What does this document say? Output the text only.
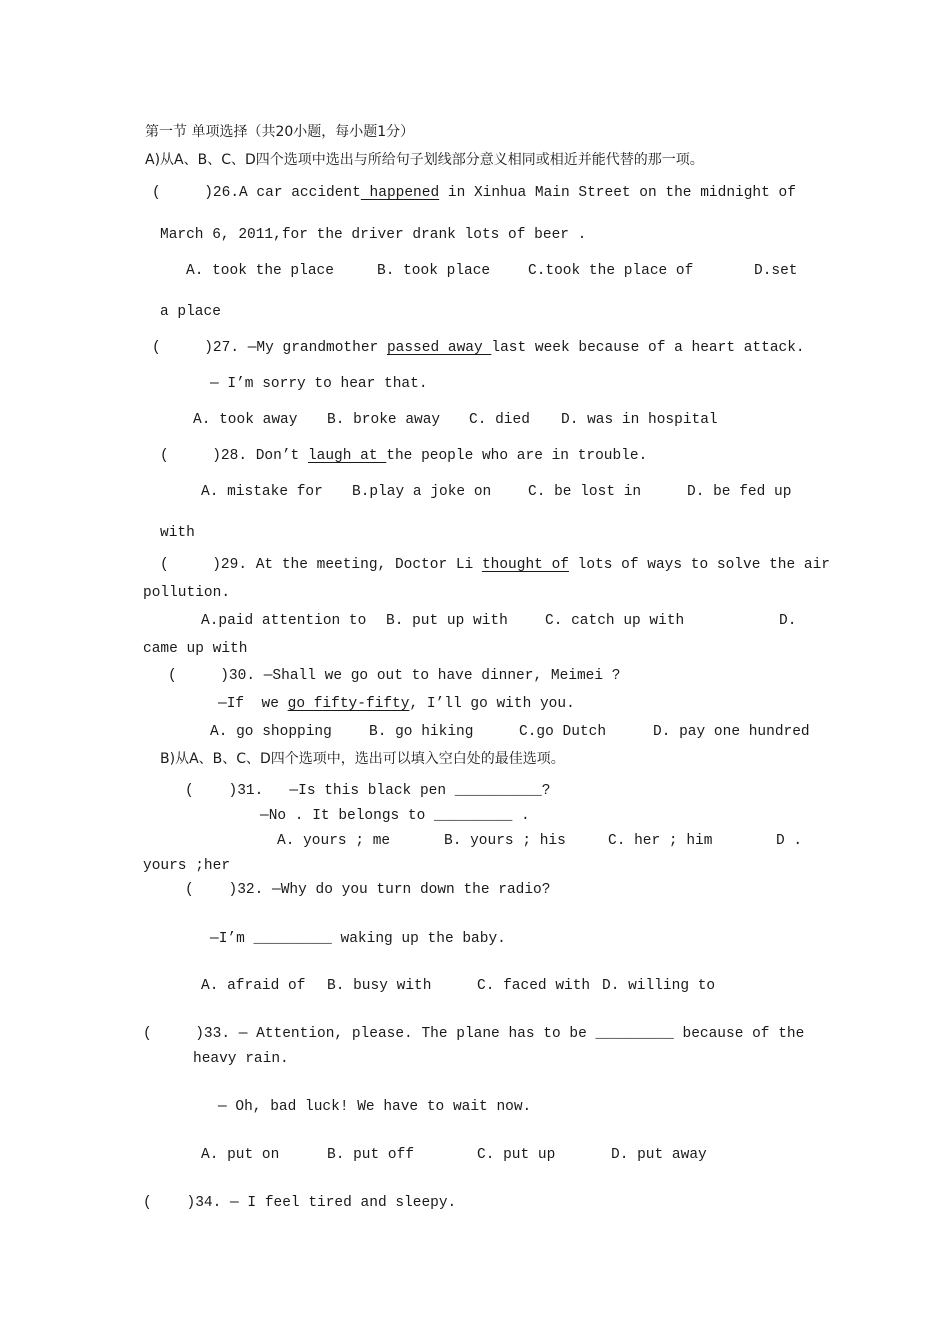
第一节 单项选择（共20小题，每小题1分）
A)从A、B、C、D四个选项中选出与所给句子划线部分意义相同或相近并能代替的那一项。
(     )26.A car accident happened in Xinhua Main Street on the midnight of
March 6, 2011,for the driver drank lots of beer .
A. took the place	B. took place	C.took the place of	D.set
a place
(     )27. —My grandmother passed away last week because of a heart attack.
— I’m sorry to hear that.
A. took away B. broke away C. died D. was in hospital
(     )28. Don’t laugh at the people who are in trouble.
A. mistake for B.play a joke on	C. be lost in	D. be fed up
with
(     )29. At the meeting, Doctor Li thought of lots of ways to solve the air
pollution.
A.paid attention to B. put up with	C. catch up with	D.
came up with
(     )30. —Shall we go out to have dinner, Meimei ?
—If  we go fifty-fifty, I’ll go with you.
A. go shopping	B. go hiking	C.go Dutch	D. pay one hundred
B)从A、B、C、D四个选项中，选出可以填入空白处的最佳选项。
(    )31.   —Is this black pen __________?
—No . It belongs to _________ .
A. yours ; me	B. yours ; his	C. her ; him	D .
yours ;her
(    )32. —Why do you turn down the radio?
—I’m _________ waking up the baby.
A. afraid of B. busy with	C. faced with D. willing to
(     )33. — Attention, please. The plane has to be _________ because of the
heavy rain.
— Oh, bad luck! We have to wait now.
A. put on	B. put off	C. put up	D. put away
(    )34. — I feel tired and sleepy.
